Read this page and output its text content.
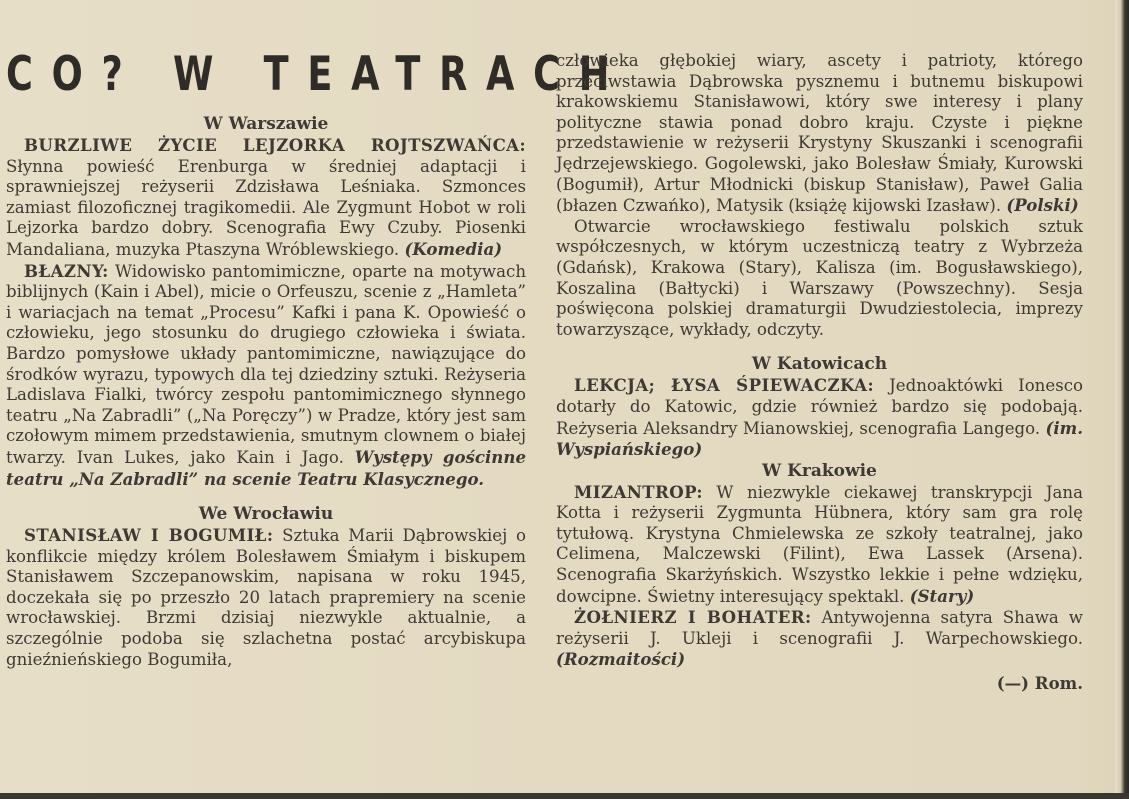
CO? W TEATRACH

W Warszawie

BURZLIWE ŻYCIE LEJZORKA ROJTSZWAŃCA: Słynna powieść Erenburga w średniej adaptacji i sprawniejszej reżyserii Zdzisława Leśniaka. Szmonces zamiast filozoficznej tragikomedii. Ale Zygmunt Hobot w roli Lejzorka bardzo dobry. Scenografia Ewy Czuby. Piosenki Mandaliana, muzyka Ptaszyna Wróblewskiego. (Komedia)

BŁAZNY: Widowisko pantomimiczne, oparte na motywach biblijnych (Kain i Abel), micie o Orfeuszu, scenie z „Hamleta” i wariacjach na temat „Procesu” Kafki i pana K. Opowieść o człowieku, jego stosunku do drugiego człowieka i świata. Bardzo pomysłowe układy pantomimiczne, nawiązujące do środków wyrazu, typowych dla tej dziedziny sztuki. Reżyseria Ladislava Fialki, twórcy zespołu pantomimicznego słynnego teatru „Na Zabradli” („Na Poręczy”) w Pradze, który jest sam czołowym mimem przedstawienia, smutnym clownem o białej twarzy. Ivan Lukes, jako Kain i Jago. Występy gościnne teatru „Na Zabradli” na scenie Teatru Klasycznego.

We Wrocławiu

STANISŁAW I BOGUMIŁ: Sztuka Marii Dąbrowskiej o konflikcie między królem Bolesławem Śmiałym i biskupem Stanisławem Szczepanowskim, napisana w roku 1945, doczekała się po przeszło 20 latach prapremiery na scenie wrocławskiej. Brzmi dzisiaj niezwykle aktualnie, a szczególnie podoba się szlachetna postać arcybiskupa gnieźnieńskiego Bogumiła,

człowieka głębokiej wiary, ascety i patrioty, którego przeciwstawia Dąbrowska pysznemu i butnemu biskupowi krakowskiemu Stanisławowi, który swe interesy i plany polityczne stawia ponad dobro kraju. Czyste i piękne przedstawienie w reżyserii Krystyny Skuszanki i scenografii Jędrzejewskiego. Gogolewski, jako Bolesław Śmiały, Kurowski (Bogumił), Artur Młodnicki (biskup Stanisław), Paweł Galia (błazen Czwańko), Matysik (książę kijowski Izasław). (Polski)

Otwarcie wrocławskiego festiwalu polskich sztuk współczesnych, w którym uczestniczą teatry z Wybrzeża (Gdańsk), Krakowa (Stary), Kalisza (im. Bogusławskiego), Koszalina (Bałtycki) i Warszawy (Powszechny). Sesja poświęcona polskiej dramaturgii Dwudziestolecia, imprezy towarzyszące, wykłady, odczyty.

W Katowicach

LEKCJA; ŁYSA ŚPIEWACZKA: Jednoaktówki Ionesco dotarły do Katowic, gdzie również bardzo się podobają. Reżyseria Aleksandry Mianowskiej, scenografia Langego. (im. Wyspiańskiego)

W Krakowie

MIZANTROP: W niezwykle ciekawej transkrypcji Jana Kotta i reżyserii Zygmunta Hübnera, który sam gra rolę tytułową. Krystyna Chmielewska ze szkoły teatralnej, jako Celimena, Malczewski (Filint), Ewa Lassek (Arsena). Scenografia Skarżyńskich. Wszystko lekkie i pełne wdzięku, dowcipne. Świetny interesujący spektakl. (Stary)

ŻOŁNIERZ I BOHATER: Antywojenna satyra Shawa w reżyserii J. Ukleji i scenografii J. Warpechowskiego. (Rozmaitości)

(—) Rom.
